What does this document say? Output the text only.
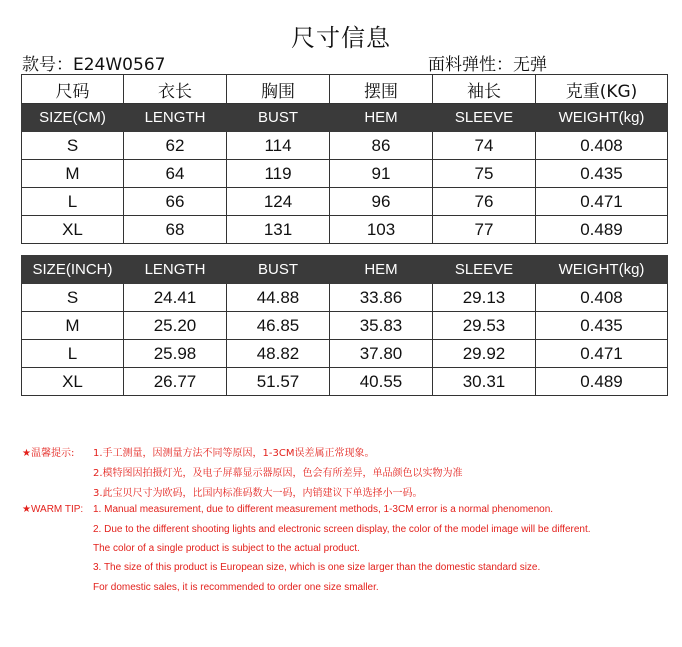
尺寸信息
款号：E24W0567	面料弹性：无弹
尺码	衣长	胸围	摆围	袖长	克重(KG)
SIZE(CM)	LENGTH	BUST	HEM	SLEEVE	WEIGHT(kg)
S	62	114	86	74	0.408
M	64	119	91	75	0.435
L	66	124	96	76	0.471
XL	68	131	103	77	0.489
SIZE(INCH)	LENGTH	BUST	HEM	SLEEVE	WEIGHT(kg)
S	24.41	44.88	33.86	29.13	0.408
M	25.20	46.85	35.83	29.53	0.435
L	25.98	48.82	37.80	29.92	0.471
XL	26.77	51.57	40.55	30.31	0.489
★温馨提示: 1.手工测量，因测量方法不同等原因，1-3CM误差属正常现象。
2.模特图因拍摄灯光，及电子屏幕显示器原因，色会有所差异，单品颜色以实物为准
3.此宝贝尺寸为欧码，比国内标准码数大一码，内销建议下单选择小一码。
★WARM TIP: 1. Manual measurement, due to different measurement methods, 1-3CM error is a normal phenomenon.
2. Due to the different shooting lights and electronic screen display, the color of the model image will be different.
The color of a single product is subject to the actual product.
3. The size of this product is European size, which is one size larger than the domestic standard size.
For domestic sales, it is recommended to order one size smaller.
